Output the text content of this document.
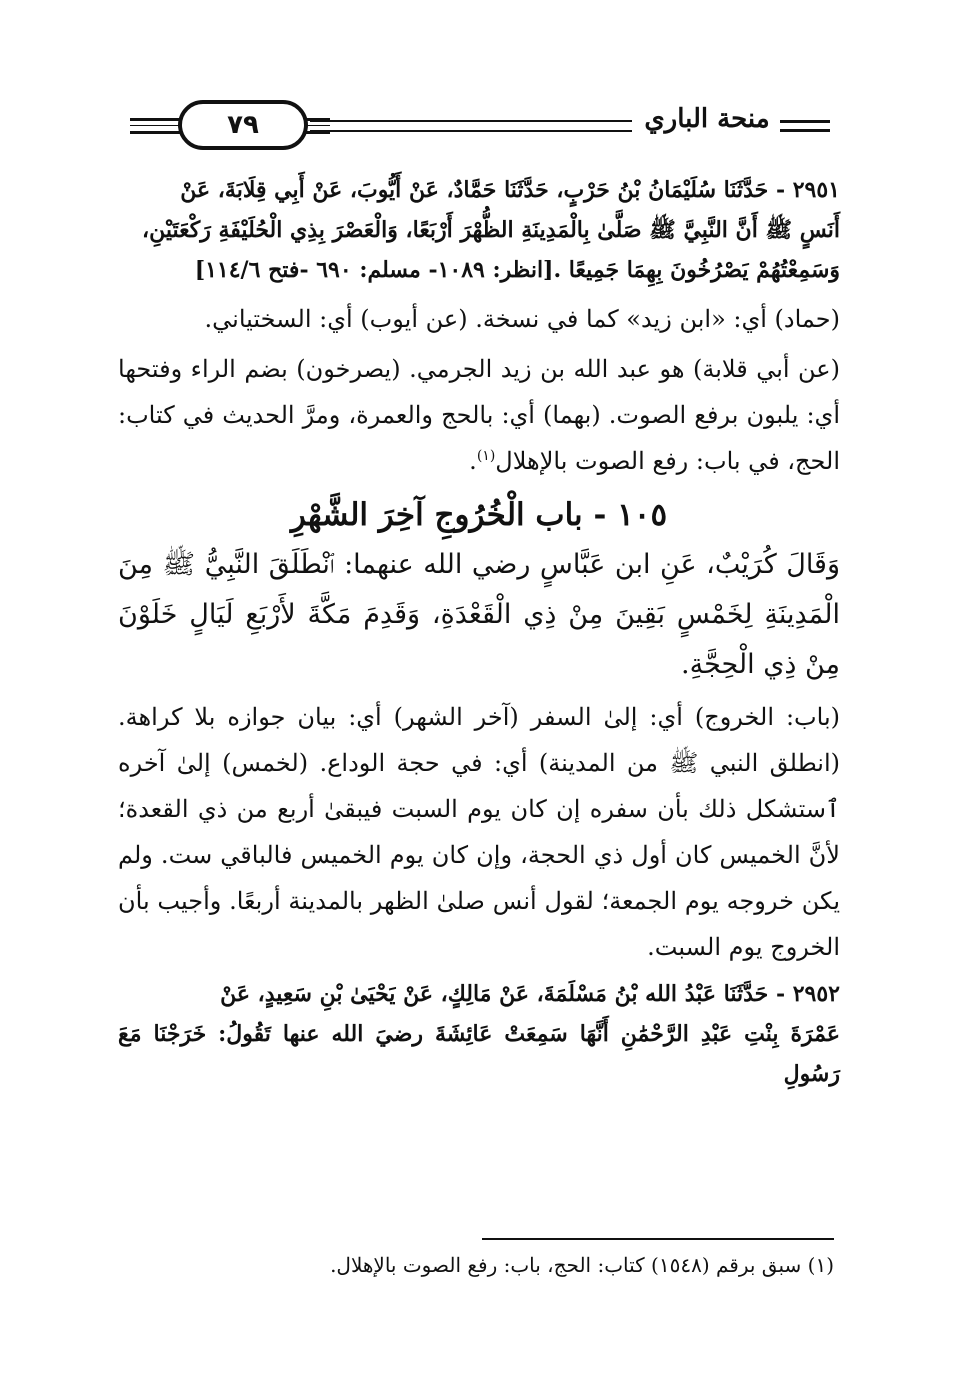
٧٩	منحة الباري

٢٩٥١ - حَدَّثَنَا سُلَيْمَانُ بْنُ حَرْبٍ، حَدَّثَنَا حَمَّادٌ، عَنْ أَيُّوبَ، عَنْ أَبِي قِلَابَةَ، عَنْ

أَنَسٍ ﷺ أَنَّ النَّبِيَّ ﷺ صَلَّىٰ بِالْمَدِينَةِ الظُّهْرَ أَرْبَعًا، وَالْعَصْرَ بِذِي الْحُلَيْفَةِ رَكْعَتَيْنِ،

وَسَمِعْتُهُمْ يَصْرُخُونَ بِهِمَا جَمِيعًا .[انظر: ١٠٨٩- مسلم: ٦٩٠ -فتح ١١٤/٦]

(حماد) أي: «ابن زيد» كما في نسخة. (عن أيوب) أي: السختياني.

(عن أبي قلابة) هو عبد الله بن زيد الجرمي. (يصرخون) بضم الراء وفتحها أي: يلبون برفع الصوت. (بهما) أي: بالحج والعمرة، ومرَّ الحديث في كتاب: الحج، في باب: رفع الصوت بالإهلال$^{(١)}$.

١٠٥ - باب الْخُرُوجِ آخِرَ الشَّهْرِ

وَقَالَ كُرَيْبٌ، عَنِ ابن عَبَّاسٍ رضي الله عنهما: ٱنْطَلَقَ النَّبِيُّ ﷺ مِنَ الْمَدِينَةِ لِخَمْسٍ بَقِينَ مِنْ ذِي الْقَعْدَةِ، وَقَدِمَ مَكَّةَ لأَرْبَعِ لَيَالٍ خَلَوْنَ مِنْ ذِي الْحِجَّةِ.

(باب: الخروج) أي: إلىٰ السفر (آخر الشهر) أي: بيان جوازه بلا كراهة. (انطلق النبي ﷺ من المدينة) أي: في حجة الوداع. (لخمس) إلىٰ آخره ٱستشكل ذلك بأن سفره إن كان يوم السبت فيبقىٰ أربع من ذي القعدة؛ لأنَّ الخميس كان أول ذي الحجة، وإن كان يوم الخميس فالباقي ست. ولم يكن خروجه يوم الجمعة؛ لقول أنس صلىٰ الظهر بالمدينة أربعًا. وأجيب بأن الخروج يوم السبت.

٢٩٥٢ - حَدَّثَنَا عَبْدُ الله بْنُ مَسْلَمَةَ، عَنْ مَالِكٍ، عَنْ يَحْيَىٰ بْنِ سَعِيدٍ، عَنْ

عَمْرَةَ بِنْتِ عَبْدِ الرَّحْمَٰنِ أَنَّهَا سَمِعَتْ عَائِشَةَ رضيَ الله عنها تَقُولُ: خَرَجْنَا مَعَ رَسُولِ

(١) سبق برقم (١٥٤٨) كتاب: الحج، باب: رفع الصوت بالإهلال.
